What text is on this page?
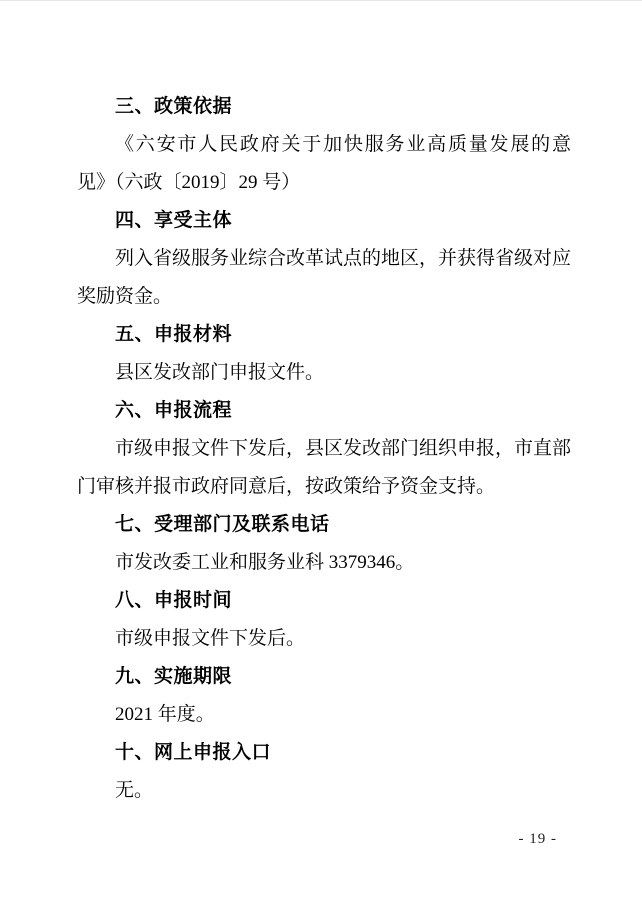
三、政策依据

《六安市人民政府关于加快服务业高质量发展的意见》（六政〔2019〕29 号）

四、享受主体

列入省级服务业综合改革试点的地区，并获得省级对应奖励资金。

五、申报材料

县区发改部门申报文件。

六、申报流程

市级申报文件下发后，县区发改部门组织申报，市直部门审核并报市政府同意后，按政策给予资金支持。

七、受理部门及联系电话

市发改委工业和服务业科 3379346。

八、申报时间

市级申报文件下发后。

九、实施期限

2021 年度。

十、网上申报入口

无。

- 19 -
